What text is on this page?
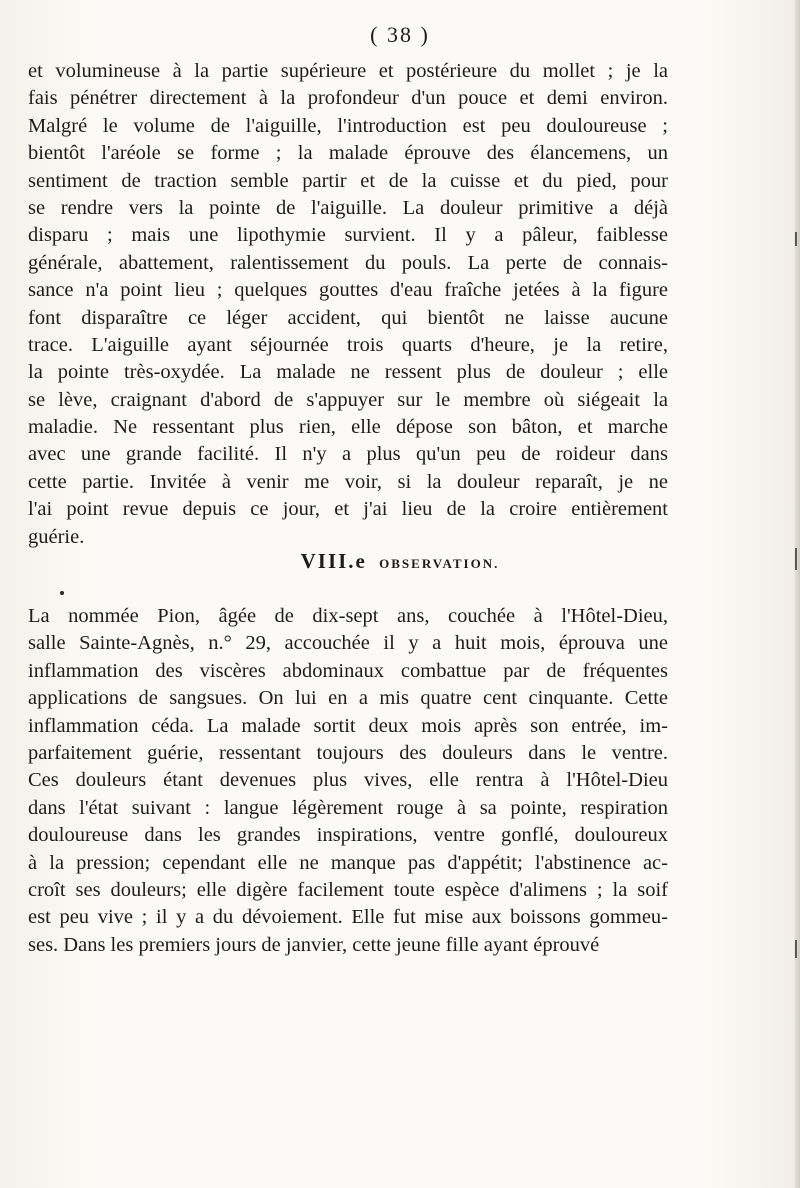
( 38 )
et volumineuse à la partie supérieure et postérieure du mollet ; je la
fais pénétrer directement à la profondeur d'un pouce et demi environ.
Malgré le volume de l'aiguille, l'introduction est peu douloureuse ;
bientôt l'aréole se forme ; la malade éprouve des élancemens, un
sentiment de traction semble partir et de la cuisse et du pied, pour
se rendre vers la pointe de l'aiguille. La douleur primitive a déjà
disparu ; mais une lipothymie survient. Il y a pâleur, faiblesse
générale, abattement, ralentissement du pouls. La perte de connais-
sance n'a point lieu ; quelques gouttes d'eau fraîche jetées à la figure
font disparaître ce léger accident, qui bientôt ne laisse aucune
trace. L'aiguille ayant séjournée trois quarts d'heure, je la retire,
la pointe très-oxydée. La malade ne ressent plus de douleur ; elle
se lève, craignant d'abord de s'appuyer sur le membre où siégeait la
maladie. Ne ressentant plus rien, elle dépose son bâton, et marche
avec une grande facilité. Il n'y a plus qu'un peu de roideur dans
cette partie. Invitée à venir me voir, si la douleur reparaît, je ne
l'ai point revue depuis ce jour, et j'ai lieu de la croire entièrement
guérie.
VIII.e OBSERVATION.
La nommée Pion, âgée de dix-sept ans, couchée à l'Hôtel-Dieu,
salle Sainte-Agnès, n.° 29, accouchée il y a huit mois, éprouva une
inflammation des viscères abdominaux combattue par de fréquentes
applications de sangsues. On lui en a mis quatre cent cinquante. Cette
inflammation céda. La malade sortit deux mois après son entrée, im-
parfaitement guérie, ressentant toujours des douleurs dans le ventre.
Ces douleurs étant devenues plus vives, elle rentra à l'Hôtel-Dieu
dans l'état suivant : langue légèrement rouge à sa pointe, respiration
douloureuse dans les grandes inspirations, ventre gonflé, douloureux
à la pression; cependant elle ne manque pas d'appétit; l'abstinence ac-
croît ses douleurs; elle digère facilement toute espèce d'alimens ; la soif
est peu vive ; il y a du dévoiement. Elle fut mise aux boissons gommeu-
ses. Dans les premiers jours de janvier, cette jeune fille ayant éprouvé
